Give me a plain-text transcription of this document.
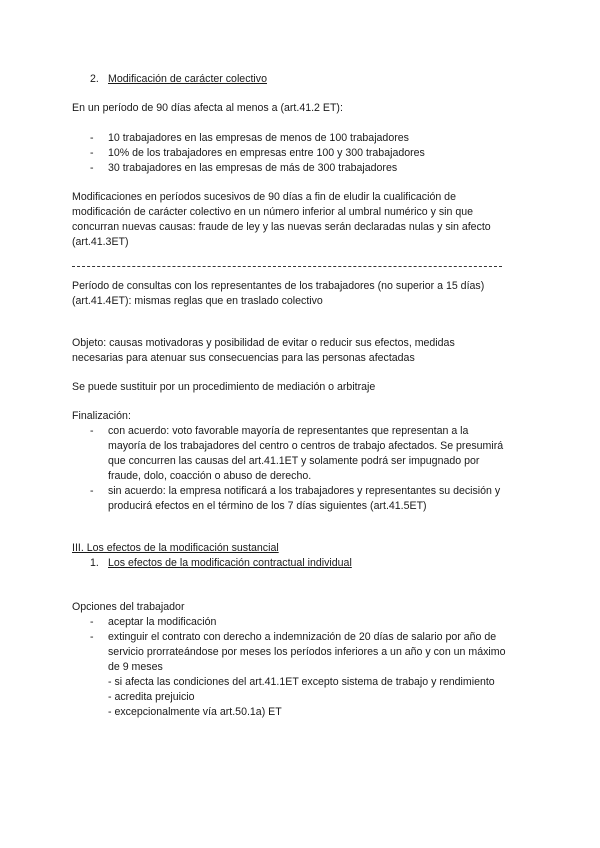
2. Modificación de carácter colectivo
En un período de 90 días afecta al menos a (art.41.2 ET):
- 10 trabajadores en las empresas de menos de 100 trabajadores
- 10% de los trabajadores en empresas entre 100 y 300 trabajadores
- 30 trabajadores en las empresas de más de 300 trabajadores
Modificaciones en períodos sucesivos de 90 días a fin de eludir la cualificación de
modificación de carácter colectivo en un número inferior al umbral numérico y sin que
concurran nuevas causas: fraude de ley y las nuevas serán declaradas nulas y sin afecto
(art.41.3ET)
Período de consultas con los representantes de los trabajadores (no superior a 15 días)
(art.41.4ET): mismas reglas que en traslado colectivo
Objeto: causas motivadoras y posibilidad de evitar o reducir sus efectos, medidas
necesarias para atenuar sus consecuencias para las personas afectadas
Se puede sustituir por un procedimiento de mediación o arbitraje
Finalización:
- con acuerdo: voto favorable mayoría de representantes que representan a la
mayoría de los trabajadores del centro o centros de trabajo afectados. Se presumirá
que concurren las causas del art.41.1ET y solamente podrá ser impugnado por
fraude, dolo, coacción o abuso de derecho.
- sin acuerdo: la empresa notificará a los trabajadores y representantes su decisión y
producirá efectos en el término de los 7 días siguientes (art.41.5ET)
III. Los efectos de la modificación sustancial
1. Los efectos de la modificación contractual individual
Opciones del trabajador
- aceptar la modificación
- extinguir el contrato con derecho a indemnización de 20 días de salario por año de
servicio prorrateándose por meses los períodos inferiores a un año y con un máximo
de 9 meses
- si afecta las condiciones del art.41.1ET excepto sistema de trabajo y rendimiento
- acredita prejuicio
- excepcionalmente vía art.50.1a) ET
